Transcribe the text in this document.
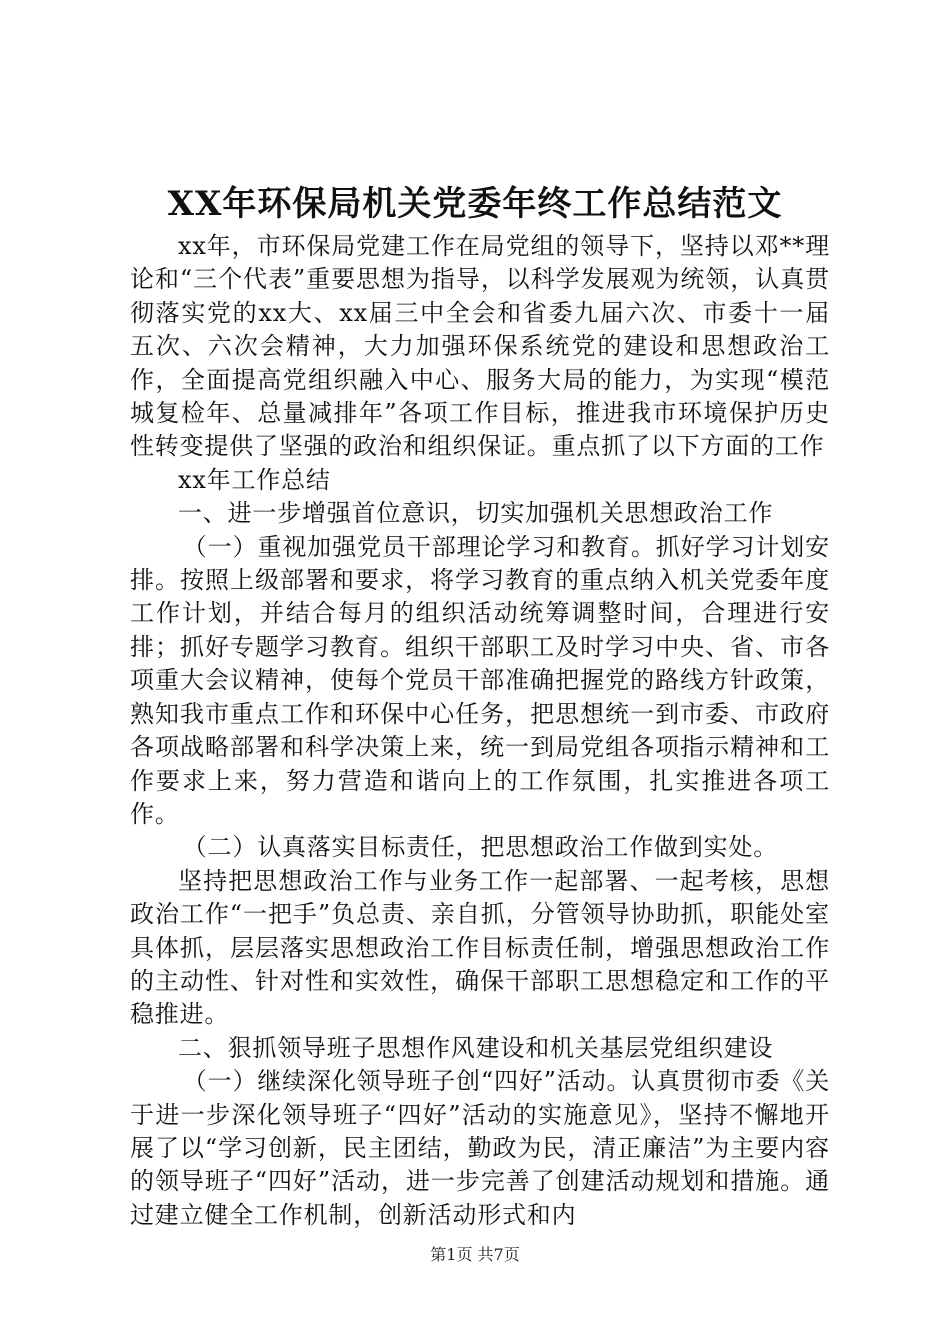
XX年环保局机关党委年终工作总结范文

xx年，市环保局党建工作在局党组的领导下，坚持以邓**理论和“三个代表”重要思想为指导，以科学发展观为统领，认真贯彻落实党的xx大、xx届三中全会和省委九届六次、市委十一届五次、六次会精神，大力加强环保系统党的建设和思想政治工作，全面提高党组织融入中心、服务大局的能力，为实现“模范城复检年、总量减排年”各项工作目标，推进我市环境保护历史性转变提供了坚强的政治和组织保证。重点抓了以下方面的工作

xx年工作总结

一、进一步增强首位意识，切实加强机关思想政治工作

（一）重视加强党员干部理论学习和教育。抓好学习计划安排。按照上级部署和要求，将学习教育的重点纳入机关党委年度工作计划，并结合每月的组织活动统筹调整时间，合理进行安排；抓好专题学习教育。组织干部职工及时学习中央、省、市各项重大会议精神，使每个党员干部准确把握党的路线方针政策，熟知我市重点工作和环保中心任务，把思想统一到市委、市政府各项战略部署和科学决策上来，统一到局党组各项指示精神和工作要求上来，努力营造和谐向上的工作氛围，扎实推进各项工作。

（二）认真落实目标责任，把思想政治工作做到实处。

坚持把思想政治工作与业务工作一起部署、一起考核，思想政治工作“一把手”负总责、亲自抓，分管领导协助抓，职能处室具体抓，层层落实思想政治工作目标责任制，增强思想政治工作的主动性、针对性和实效性，确保干部职工思想稳定和工作的平稳推进。

二、狠抓领导班子思想作风建设和机关基层党组织建设

（一）继续深化领导班子创“四好”活动。认真贯彻市委《关于进一步深化领导班子“四好”活动的实施意见》，坚持不懈地开展了以“学习创新，民主团结，勤政为民，清正廉洁”为主要内容的领导班子“四好”活动，进一步完善了创建活动规划和措施。通过建立健全工作机制，创新活动形式和内

第1页 共7页
